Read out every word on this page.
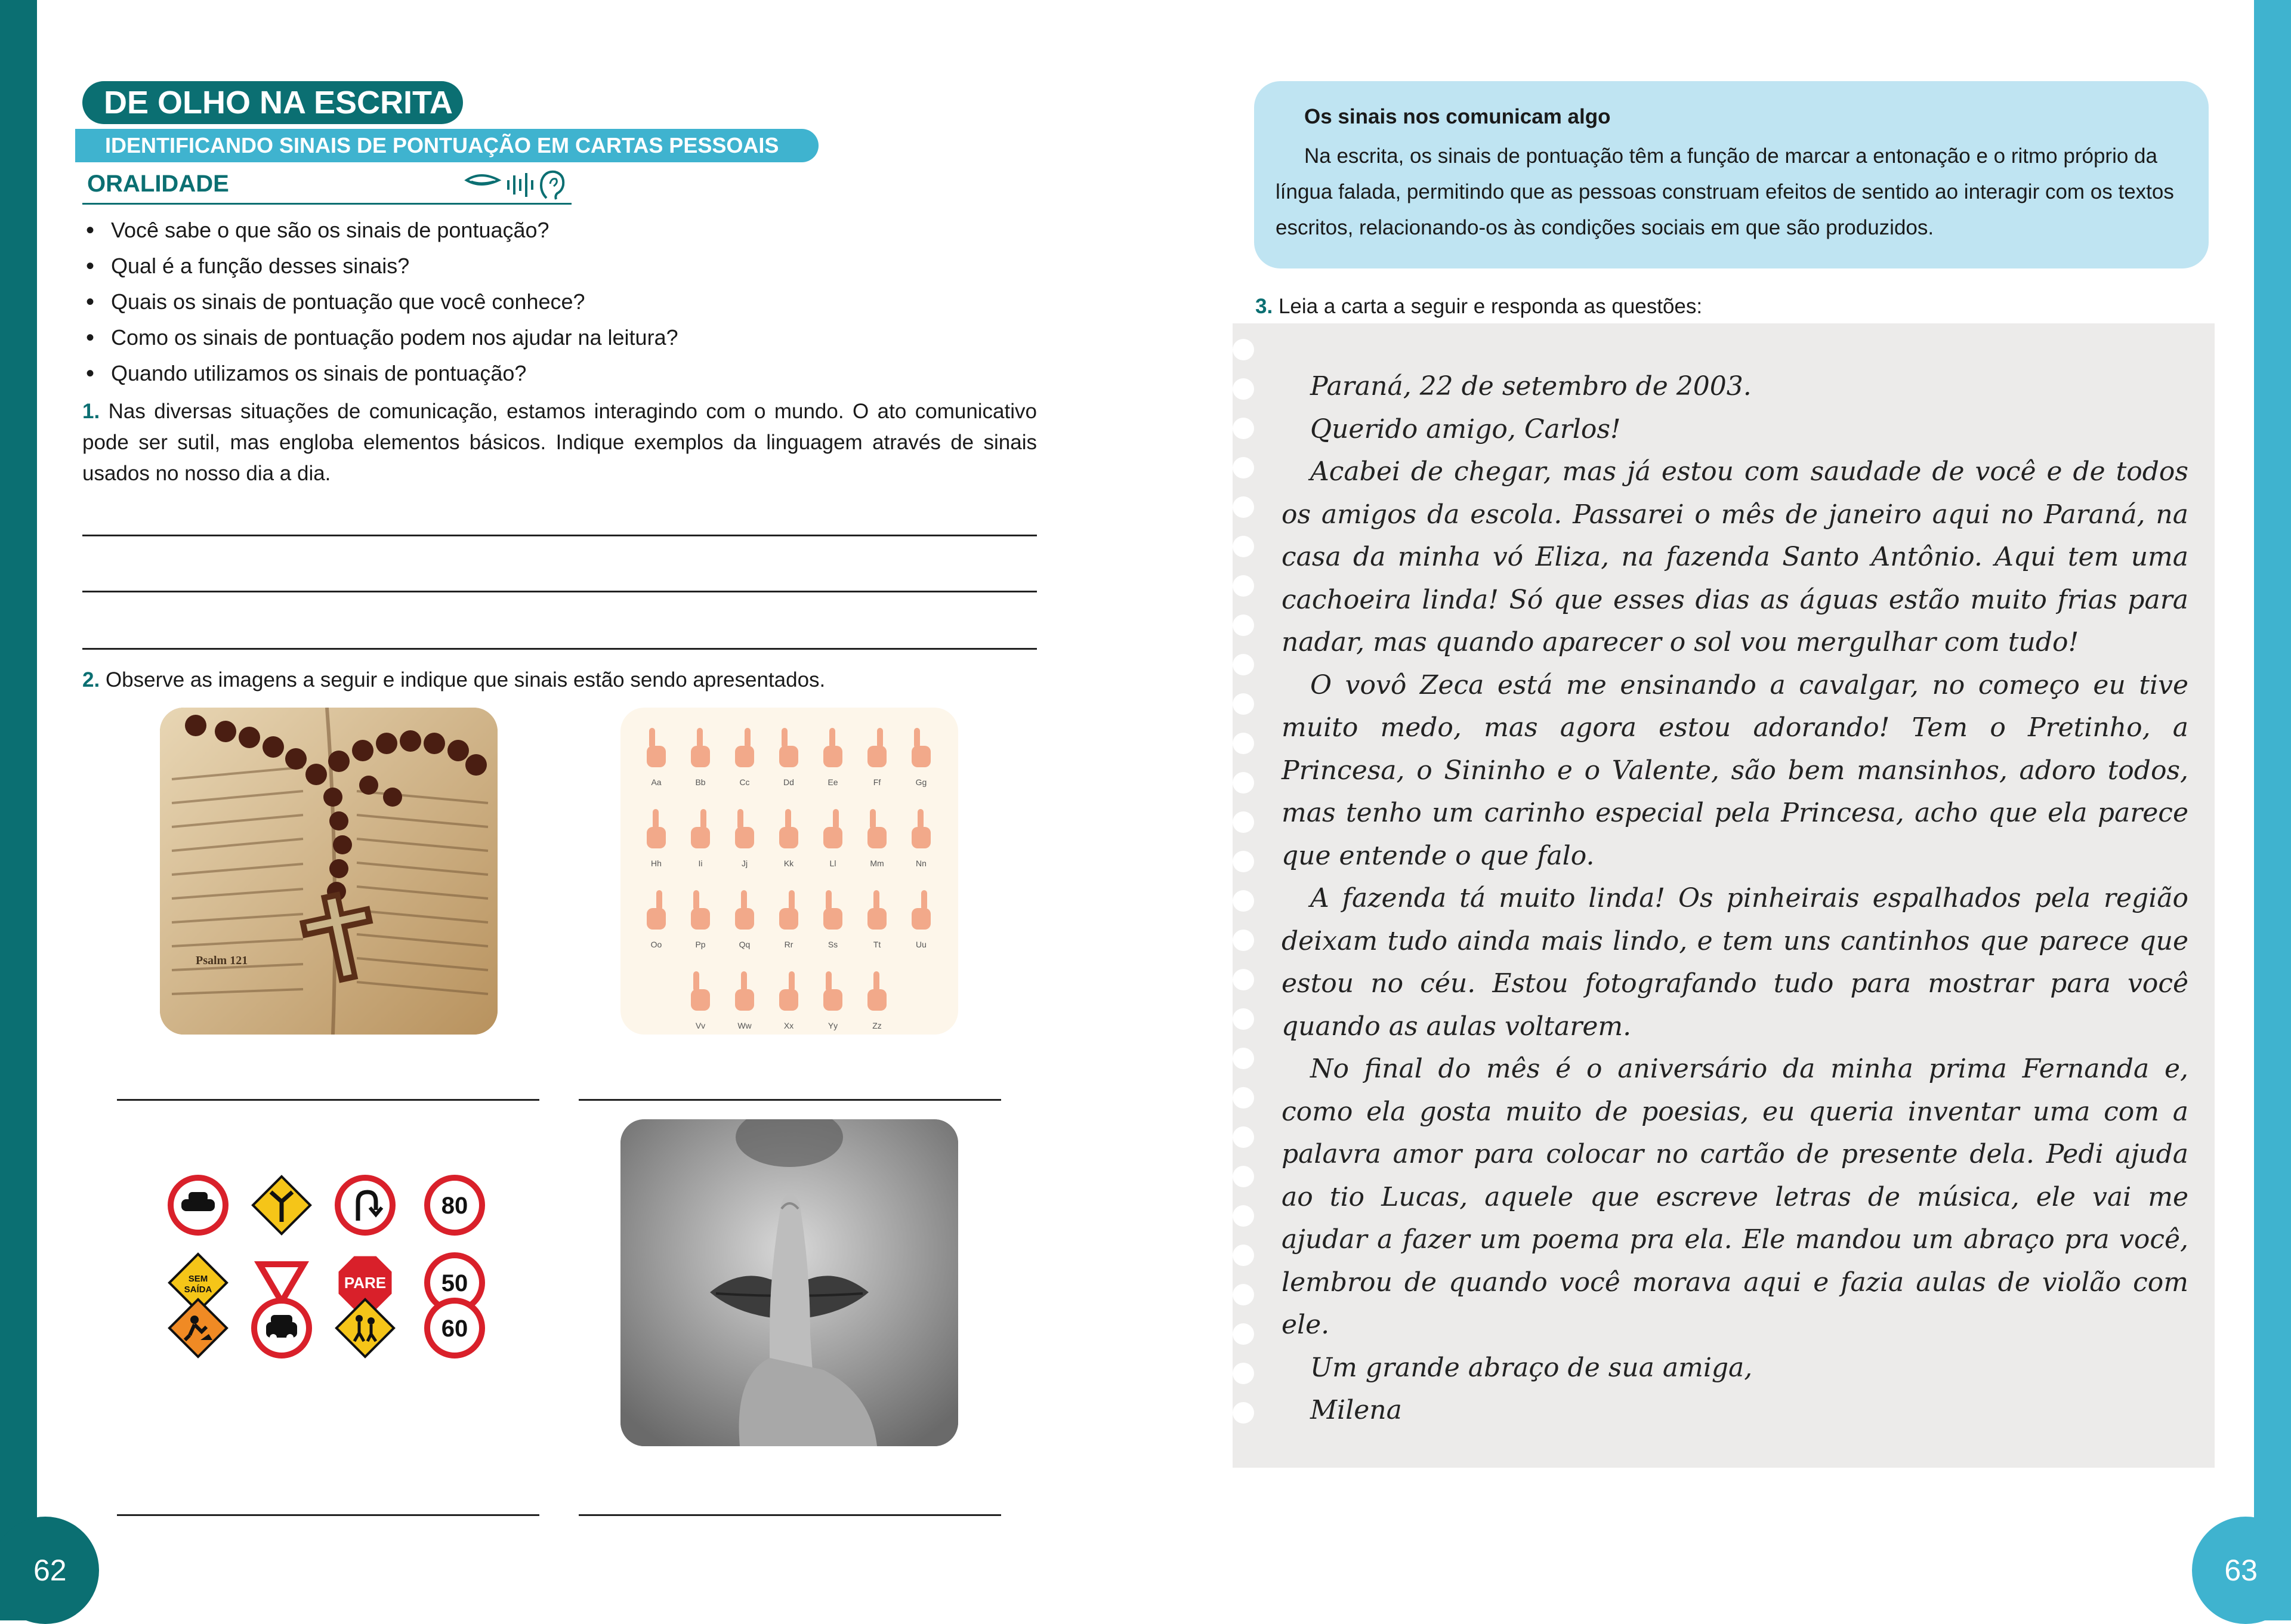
62	63
IDENTIFICANDO SINAIS DE PONTUAÇÃO EM CARTAS PESSOAIS
DE OLHO NA ESCRITA
ORALIDADE
• Você sabe o que são os sinais de pontuação?
• Qual é a função desses sinais?
• Quais os sinais de pontuação que você conhece?
• Como os sinais de pontuação podem nos ajudar na leitura?
• Quando utilizamos os sinais de pontuação?
1. Nas diversas situações de comunicação, estamos interagindo com o mundo. O ato comunicativo pode ser sutil, mas engloba elementos básicos. Indique exemplos da linguagem através de sinais usados no nosso dia a dia.
2. Observe as imagens a seguir e indique que sinais estão sendo apresentados.
Psalm 121
Aa	Bb	Cc	Dd	Ee	Ff	Gg
Hh	Ii	Jj	Kk	Ll	Mm	Nn
Oo	Pp	Qq	Rr	Ss	Tt	Uu
Vv	Ww	Xx	Yy	Zz
80
SEM
SAÍDA	PARE 50
60
Os sinais nos comunicam algo

Na escrita, os sinais de pontuação têm a função de marcar a entonação e o ritmo próprio da língua falada, permitindo que as pessoas construam efeitos de sentido ao interagir com os textos escritos, relacionando-os às condições sociais em que são produzidos.

3. Leia a carta a seguir e responda as questões:

Paraná, 22 de setembro de 2003.

Querido amigo, Carlos!

Acabei de chegar, mas já estou com saudade de você e de todos os amigos da escola. Passarei o mês de janeiro aqui no Paraná, na casa da minha vó Eliza, na fazenda Santo Antônio. Aqui tem uma cachoeira linda! Só que esses dias as águas estão muito frias para nadar, mas quando aparecer o sol vou mergulhar com tudo!

O vovô Zeca está me ensinando a cavalgar, no começo eu tive muito medo, mas agora estou adorando! Tem o Pretinho, a Princesa, o Sininho e o Valente, são bem mansinhos, adoro todos, mas tenho um carinho especial pela Princesa, acho que ela parece que entende o que falo.

A fazenda tá muito linda! Os pinheirais espalhados pela região deixam tudo ainda mais lindo, e tem uns cantinhos que parece que estou no céu. Estou fotografando tudo para mostrar para você quando as aulas voltarem.

No final do mês é o aniversário da minha prima Fernanda e, como ela gosta muito de poesias, eu queria inventar uma com a palavra amor para colocar no cartão de presente dela. Pedi ajuda ao tio Lucas, aquele que escreve letras de música, ele vai me ajudar a fazer um poema pra ela. Ele mandou um abraço pra você, lembrou de quando você morava aqui e fazia aulas de violão com ele.

Um grande abraço de sua amiga,

Milena
